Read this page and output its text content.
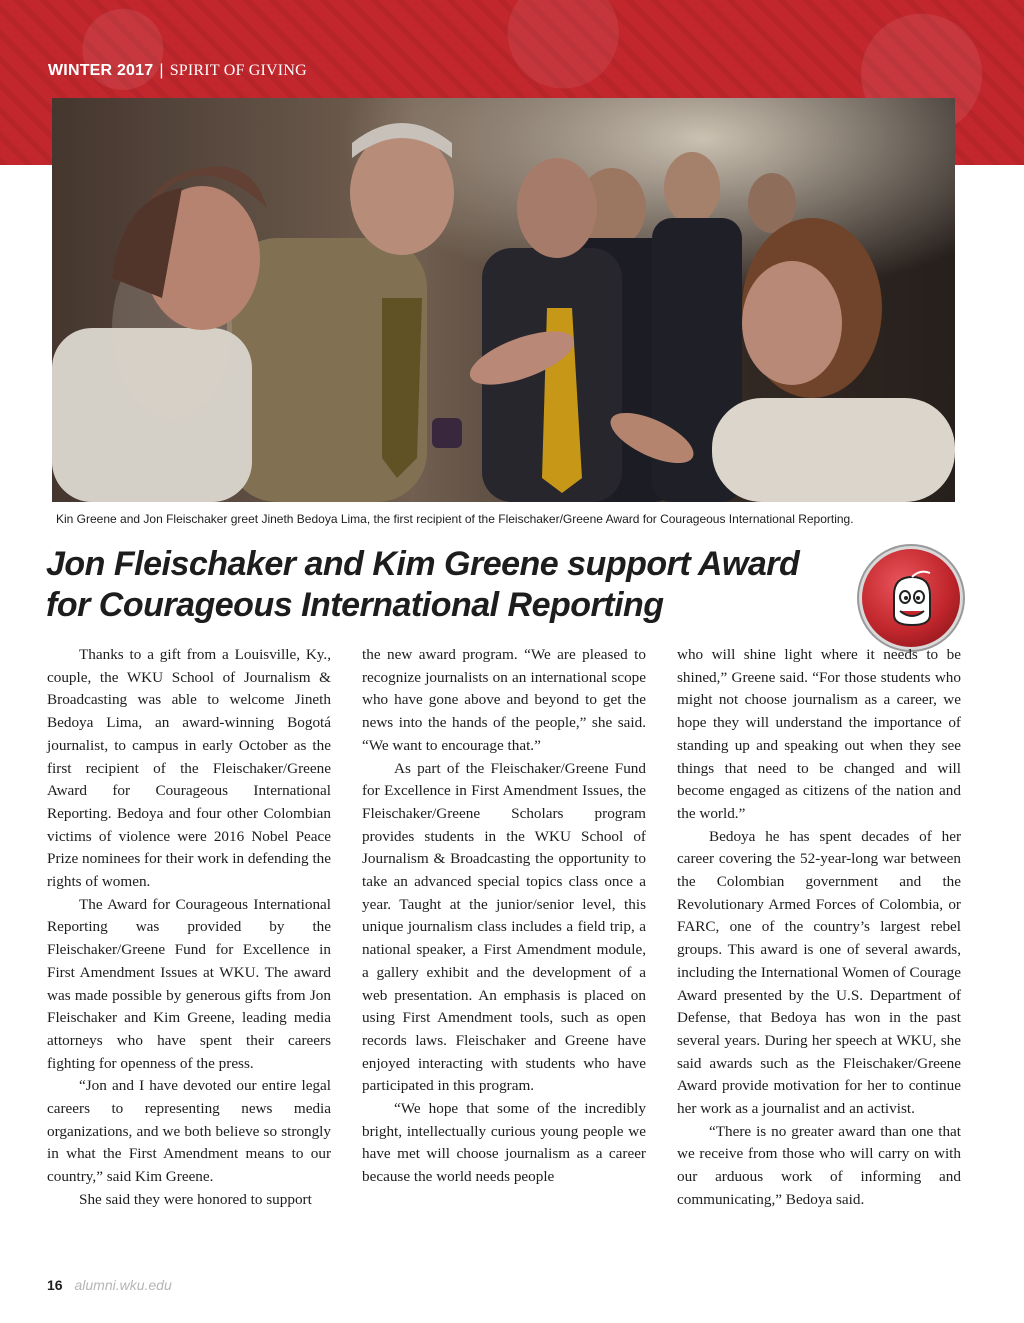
WINTER 2017 | SPIRIT OF GIVING
Kin Greene and Jon Fleischaker greet Jineth Bedoya Lima, the first recipient of the Fleischaker/Greene Award for Courageous International Reporting.
Jon Fleischaker and Kim Greene support Award
for Courageous International Reporting

Thanks to a gift from a Louisville, Ky., couple, the WKU School of Journalism & Broadcasting was able to welcome Jineth Bedoya Lima, an award-winning Bogotá journalist, to campus in early October as the first recipient of the Fleischaker/Greene Award for Courageous International Reporting. Bedoya and four other Colombian victims of violence were 2016 Nobel Peace Prize nominees for their work in defending the rights of women.

The Award for Courageous International Reporting was provided by the Fleischaker/Greene Fund for Excellence in First Amendment Issues at WKU. The award was made possible by generous gifts from Jon Fleischaker and Kim Greene, leading media attorneys who have spent their careers fighting for openness of the press.

“Jon and I have devoted our entire legal careers to representing news media organizations, and we both believe so strongly in what the First Amendment means to our country,” said Kim Greene.

She said they were honored to support

the new award program. “We are pleased to recognize journalists on an international scope who have gone above and beyond to get the news into the hands of the people,” she said. “We want to encourage that.”

As part of the Fleischaker/Greene Fund for Excellence in First Amendment Issues, the Fleischaker/Greene Scholars program provides students in the WKU School of Journalism & Broadcasting the opportunity to take an advanced special topics class once a year. Taught at the junior/senior level, this unique journalism class includes a field trip, a national speaker, a First Amendment module, a gallery exhibit and the development of a web presentation. An emphasis is placed on using First Amendment tools, such as open records laws. Fleischaker and Greene have enjoyed interacting with students who have participated in this program.

“We hope that some of the incredibly bright, intellectually curious young people we have met will choose journalism as a career because the world needs people

who will shine light where it needs to be shined,” Greene said. “For those students who might not choose journalism as a career, we hope they will understand the importance of standing up and speaking out when they see things that need to be changed and will become engaged as citizens of the nation and the world.”

Bedoya he has spent decades of her career covering the 52-year-long war between the Colombian government and the Revolutionary Armed Forces of Colombia, or FARC, one of the country’s largest rebel groups. This award is one of several awards, including the International Women of Courage Award presented by the U.S. Department of Defense, that Bedoya has won in the past several years. During her speech at WKU, she said awards such as the Fleischaker/Greene Award provide motivation for her to continue her work as a journalist and an activist.

“There is no greater award than one that we receive from those who will carry on with our arduous work of informing and communicating,” Bedoya said.

16 alumni.wku.edu
